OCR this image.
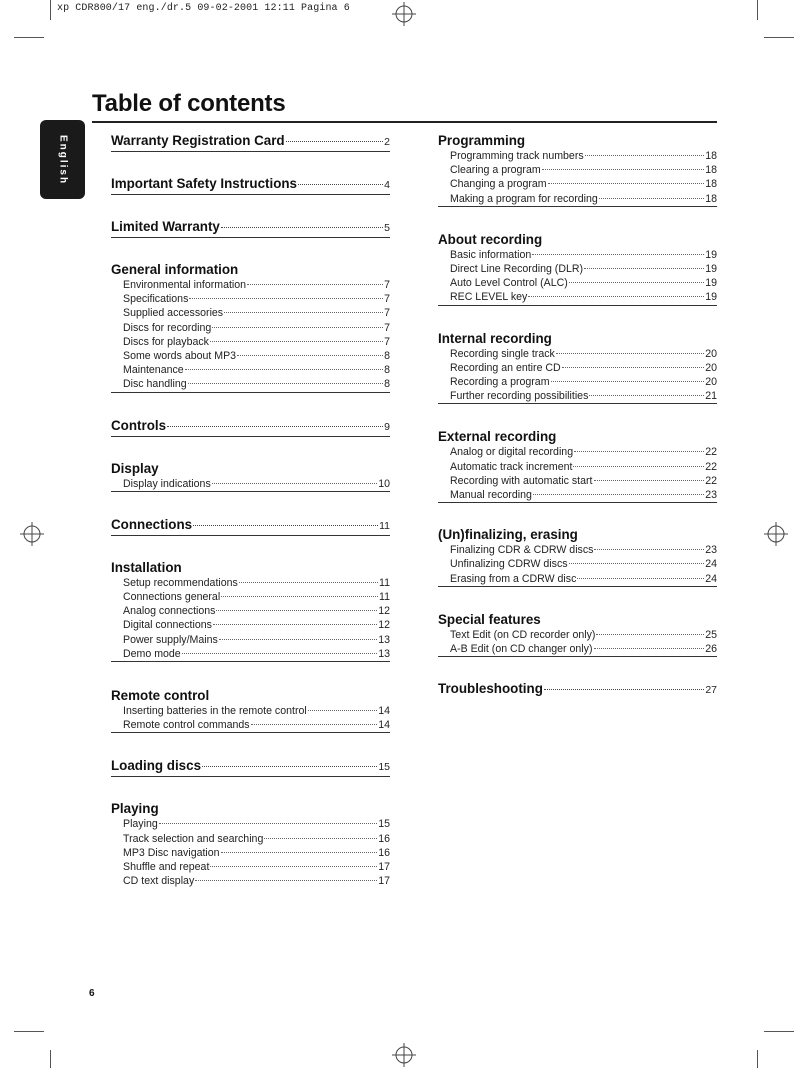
xp CDR800/17 eng./dr.5 09-02-2001 12:11 Pagina 6
Table of contents
English	Warranty Registration Card	2
Important Safety Instructions	4
Limited Warranty	5
General information
Environmental information	7
Specifications	7
Supplied accessories	7
Discs for recording	7
Discs for playback	7
Some words about MP3	8
Maintenance	8
Disc handling	8
Controls	9
Display
Display indications	10
Connections	11
Installation
Setup recommendations	11
Connections general	11
Analog connections	12
Digital connections	12
Power supply/Mains	13
Demo mode	13
Remote control
Inserting batteries in the remote control	14
Remote control commands	14
Loading discs	15
Playing
Playing	15
Track selection and searching	16
MP3 Disc navigation	16
Shuffle and repeat	17
CD text display	17
Programming
Programming track numbers	18
Clearing a program	18
Changing a program	18
Making a program for recording	18
About recording
Basic information	19
Direct Line Recording (DLR)	19
Auto Level Control (ALC)	19
REC LEVEL key	19
Internal recording
Recording single track	20
Recording an entire CD	20
Recording a program	20
Further recording possibilities	21
External recording
Analog or digital recording	22
Automatic track increment	22
Recording with automatic start	22
Manual recording	23
(Un)finalizing, erasing
Finalizing CDR & CDRW discs	23
Unfinalizing CDRW discs	24
Erasing from a CDRW disc	24
Special features
Text Edit (on CD recorder only)	25
A-B Edit (on CD changer only)	26
Troubleshooting	27
6
